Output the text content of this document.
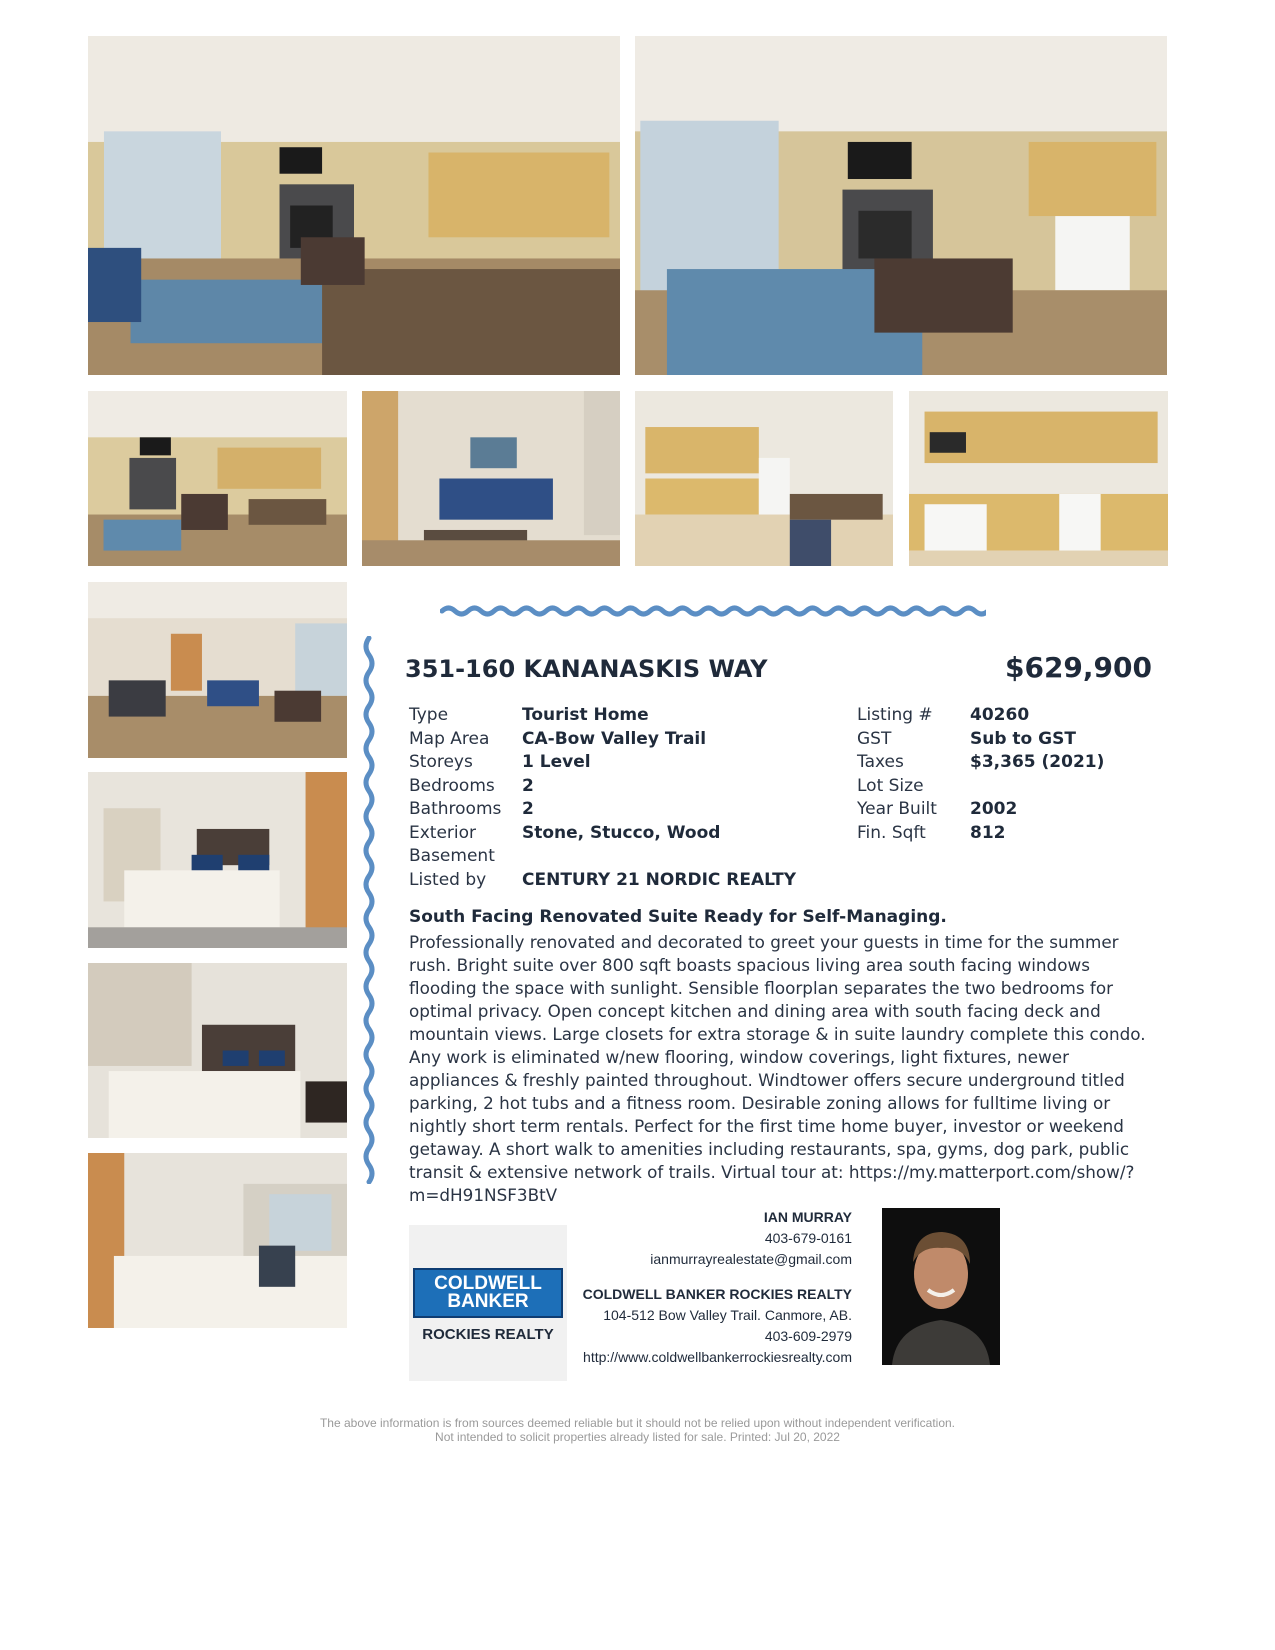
351-160 KANANASKIS WAY	$629,900
Type	Tourist Home
Map Area	CA-Bow Valley Trail
Storeys	1 Level
Bedrooms	2
Bathrooms	2
Exterior	Stone, Stucco, Wood
Basement
Listed by	CENTURY 21 NORDIC REALTY
Listing #	40260
GST	Sub to GST
Taxes	$3,365 (2021)
Lot Size
Year Built	2002
Fin. Sqft	812
South Facing Renovated Suite Ready for Self-Managing.
Professionally renovated and decorated to greet your guests in time for the summer rush. Bright suite over 800 sqft boasts spacious living area south facing windows flooding the space with sunlight. Sensible floorplan separates the two bedrooms for optimal privacy. Open concept kitchen and dining area with south facing deck and mountain views. Large closets for extra storage & in suite laundry complete this condo. Any work is eliminated w/new flooring, window coverings, light fixtures, newer appliances & freshly painted throughout. Windtower offers secure underground titled parking, 2 hot tubs and a fitness room. Desirable zoning allows for fulltime living or nightly short term rentals. Perfect for the first time home buyer, investor or weekend getaway. A short walk to amenities including restaurants, spa, gyms, dog park, public transit & extensive network of trails. Virtual tour at: https://my.matterport.com/show/?m=dH91NSF3BtV
COLDWELL
BANKER
ROCKIES REALTY
IAN MURRAY
403-679-0161
ianmurrayrealestate@gmail.com
COLDWELL BANKER ROCKIES REALTY
104-512 Bow Valley Trail. Canmore, AB.
403-609-2979
http://www.coldwellbankerrockiesrealty.com
The above information is from sources deemed reliable but it should not be relied upon without independent verification.
Not intended to solicit properties already listed for sale. Printed: Jul 20, 2022
